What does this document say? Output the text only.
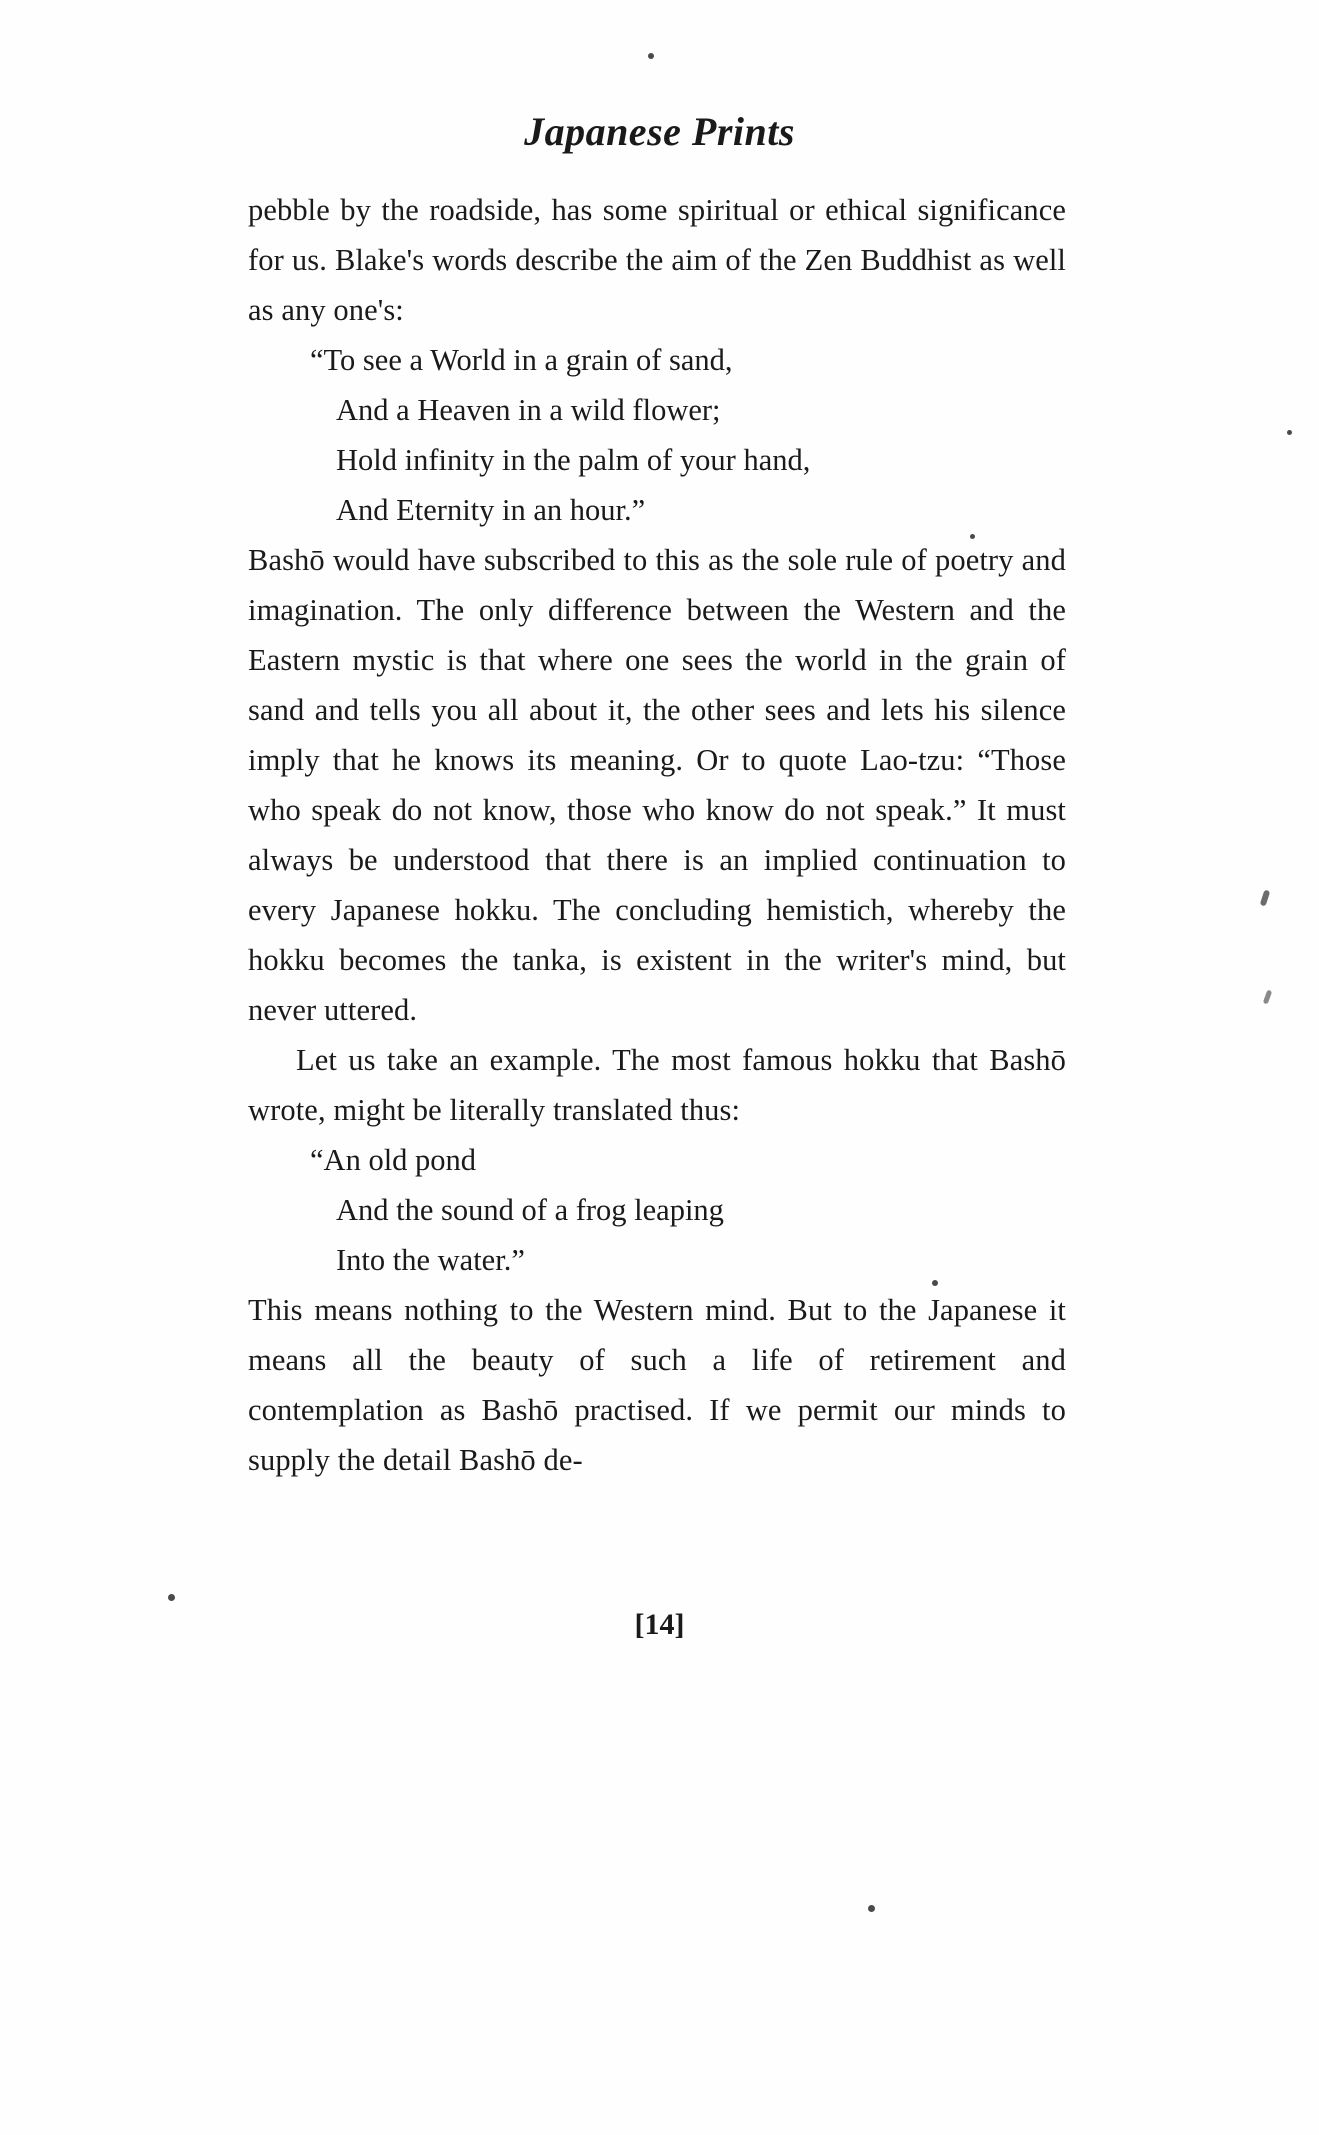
Japanese Prints

pebble by the roadside, has some spiritual or ethical significance for us. Blake's words describe the aim of the Zen Buddhist as well as any one's:

“To see a World in a grain of sand,
And a Heaven in a wild flower;
Hold infinity in the palm of your hand,
And Eternity in an hour.”

Bashō would have subscribed to this as the sole rule of poetry and imagination. The only difference between the Western and the Eastern mystic is that where one sees the world in the grain of sand and tells you all about it, the other sees and lets his silence imply that he knows its meaning. Or to quote Lao-tzu: “Those who speak do not know, those who know do not speak.” It must always be understood that there is an implied continuation to every Japanese hokku. The concluding hemistich, whereby the hokku becomes the tanka, is existent in the writer's mind, but never uttered.

Let us take an example. The most famous hokku that Bashō wrote, might be literally translated thus:

“An old pond
And the sound of a frog leaping
Into the water.”

This means nothing to the Western mind. But to the Japanese it means all the beauty of such a life of retirement and contemplation as Bashō practised. If we permit our minds to supply the detail Bashō de-

[14]
